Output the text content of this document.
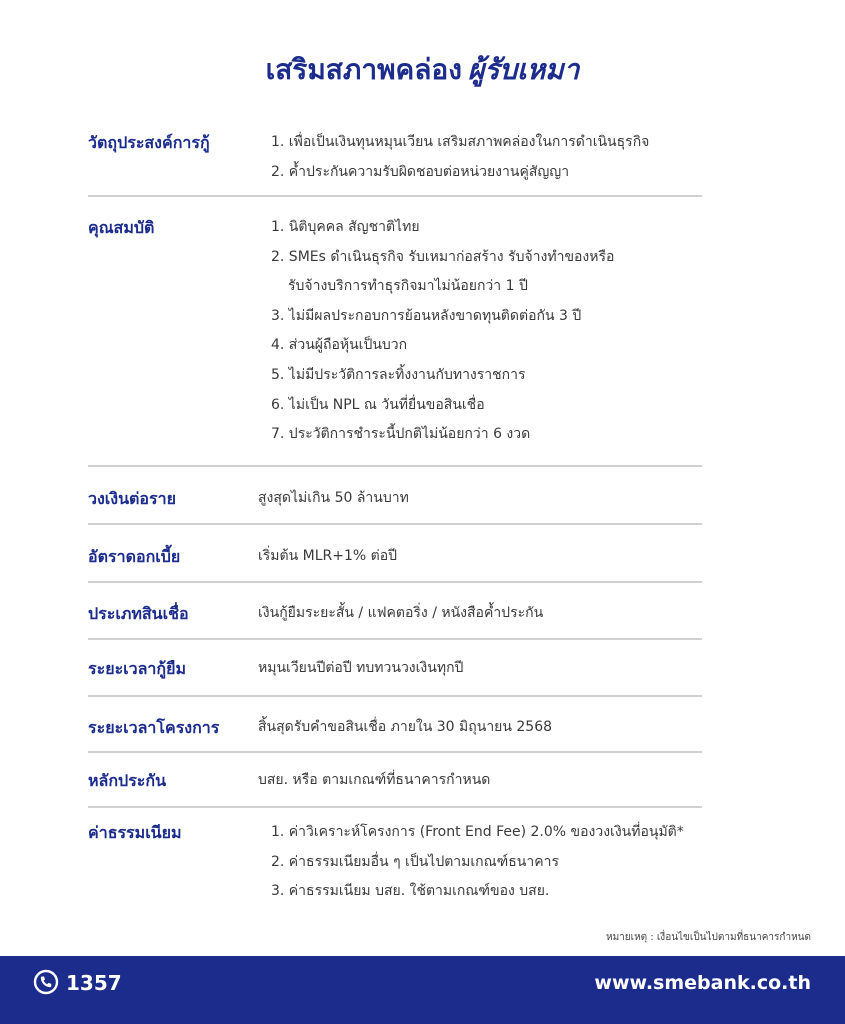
เสริมสภาพคล่อง ผู้รับเหมา
วัตถุประสงค์การกู้	1. เพื่อเป็นเงินทุนหมุนเวียน เสริมสภาพคล่องในการดำเนินธุรกิจ
2. ค้ำประกันความรับผิดชอบต่อหน่วยงานคู่สัญญา
คุณสมบัติ	1. นิติบุคคล สัญชาติไทย
2. SMEs ดำเนินธุรกิจ รับเหมาก่อสร้าง รับจ้างทำของหรือ
รับจ้างบริการทำธุรกิจมาไม่น้อยกว่า 1 ปี
3. ไม่มีผลประกอบการย้อนหลังขาดทุนติดต่อกัน 3 ปี
4. ส่วนผู้ถือหุ้นเป็นบวก
5. ไม่มีประวัติการละทิ้งงานกับทางราชการ
6. ไม่เป็น NPL ณ วันที่ยื่นขอสินเชื่อ
7. ประวัติการชำระนี้ปกติไม่น้อยกว่า 6 งวด
วงเงินต่อราย	สูงสุดไม่เกิน 50 ล้านบาท
อัตราดอกเบี้ย	เริ่มต้น MLR+1% ต่อปี
ประเภทสินเชื่อ	เงินกู้ยืมระยะสั้น / แฟคตอริ่ง / หนังสือค้ำประกัน
ระยะเวลากู้ยืม	หมุนเวียนปีต่อปี ทบทวนวงเงินทุกปี
ระยะเวลาโครงการ	สิ้นสุดรับคำขอสินเชื่อ ภายใน 30 มิถุนายน 2568
หลักประกัน	บสย. หรือ ตามเกณฑ์ที่ธนาคารกำหนด
ค่าธรรมเนียม	1. ค่าวิเคราะห์โครงการ (Front End Fee) 2.0% ของวงเงินที่อนุมัติ*
2. ค่าธรรมเนียมอื่น ๆ เป็นไปตามเกณฑ์ธนาคาร
3. ค่าธรรมเนียม บสย. ใช้ตามเกณฑ์ของ บสย.
หมายเหตุ : เงื่อนไขเป็นไปตามที่ธนาคารกำหนด
1357	www.smebank.co.th
